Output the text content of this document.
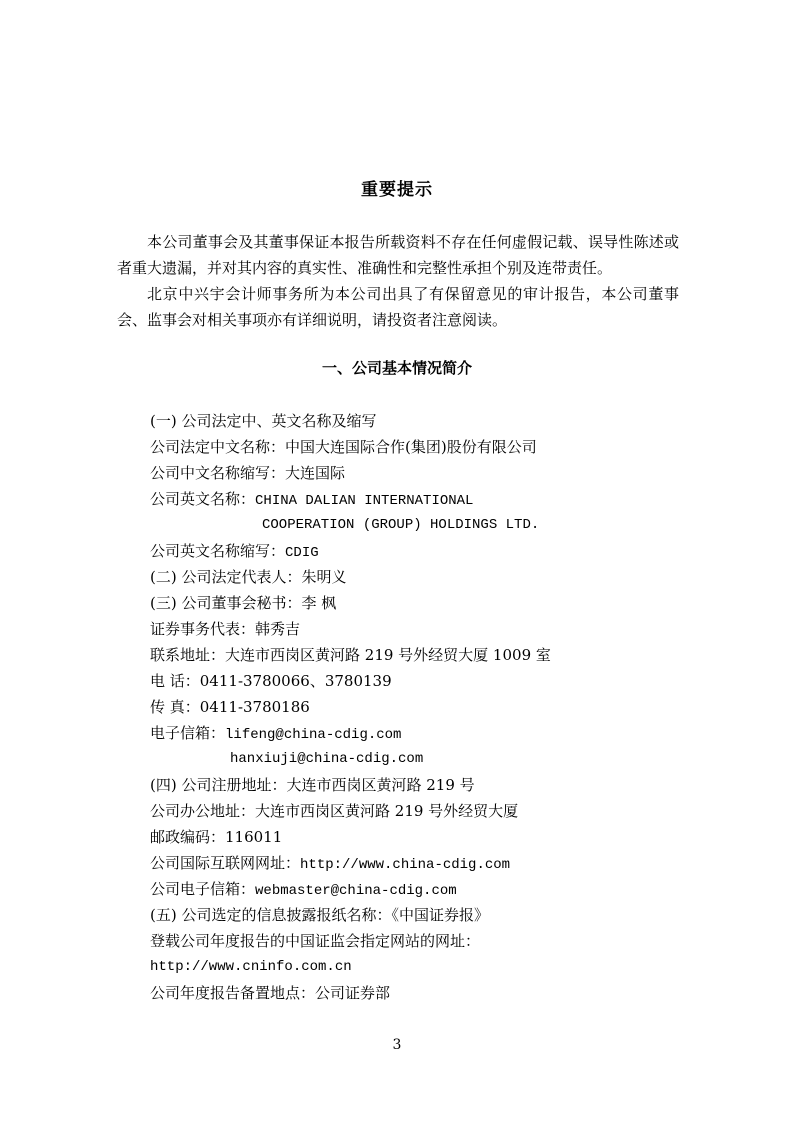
重要提示
本公司董事会及其董事保证本报告所载资料不存在任何虚假记载、误导性陈述或者重大遗漏，并对其内容的真实性、准确性和完整性承担个别及连带责任。
北京中兴宇会计师事务所为本公司出具了有保留意见的审计报告，本公司董事会、监事会对相关事项亦有详细说明，请投资者注意阅读。
一、公司基本情况简介
(一) 公司法定中、英文名称及缩写
公司法定中文名称：中国大连国际合作(集团)股份有限公司
公司中文名称缩写：大连国际
公司英文名称：CHINA DALIAN INTERNATIONAL
COOPERATION (GROUP) HOLDINGS LTD.
公司英文名称缩写：CDIG
(二) 公司法定代表人：朱明义
(三) 公司董事会秘书：李 枫
证券事务代表：韩秀吉
联系地址：大连市西岗区黄河路 219 号外经贸大厦 1009 室
电 话：0411-3780066、3780139
传 真：0411-3780186
电子信箱：lifeng@china-cdig.com
hanxiuji@china-cdig.com
(四) 公司注册地址：大连市西岗区黄河路 219 号
公司办公地址：大连市西岗区黄河路 219 号外经贸大厦
邮政编码：116011
公司国际互联网网址：http://www.china-cdig.com
公司电子信箱：webmaster@china-cdig.com
(五) 公司选定的信息披露报纸名称：《中国证券报》
登载公司年度报告的中国证监会指定网站的网址：
http://www.cninfo.com.cn
公司年度报告备置地点：公司证券部
3
